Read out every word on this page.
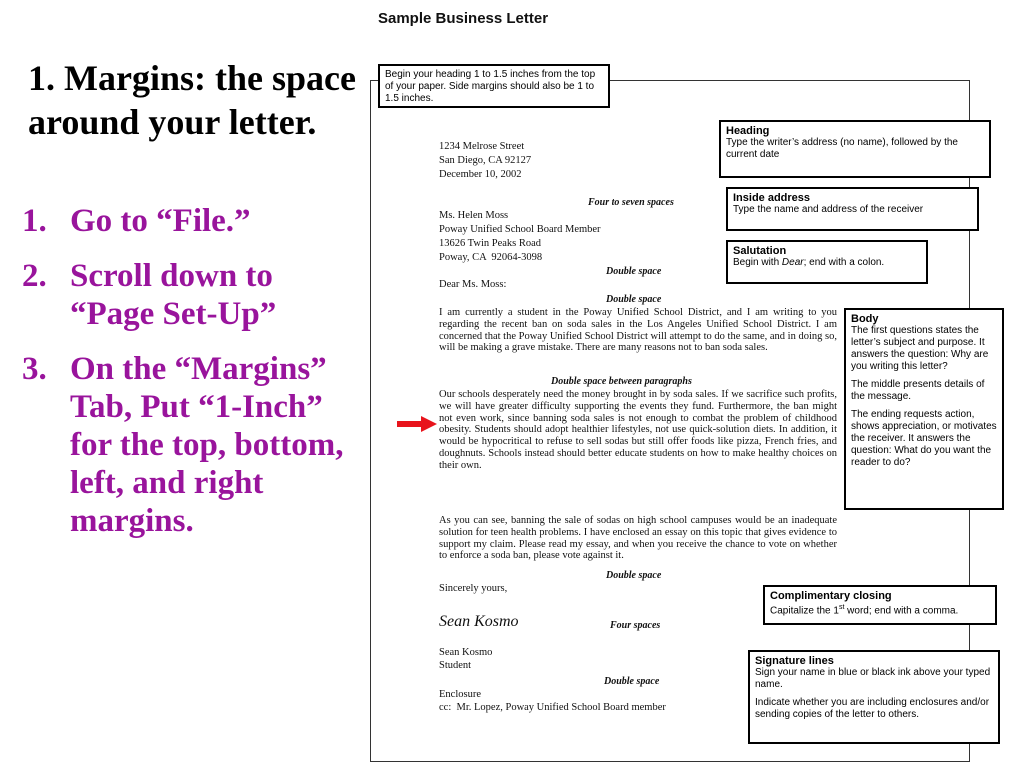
1. Margins: the space around your letter.
1. Go to “File.”
2. Scroll down to “Page Set-Up”
3. On the “Margins” Tab, Put “1-Inch” for the top, bottom, left, and right margins.
Sample Business Letter
1234 Melrose Street
San Diego, CA 92127
December 10, 2002
Four to seven spaces
Ms. Helen Moss
Poway Unified School Board Member
13626 Twin Peaks Road
Poway, CA  92064-3098
Double space
Dear Ms. Moss:
Double space

I am currently a student in the Poway Unified School District, and I am writing to you regarding the recent ban on soda sales in the Los Angeles Unified School District. I am concerned that the Poway Unified School District will attempt to do the same, and in doing so, will be making a grave mistake. There are many reasons not to ban soda sales.

Double space between paragraphs

Our schools desperately need the money brought in by soda sales. If we sacrifice such profits, we will have greater difficulty supporting the events they fund. Furthermore, the ban might not even work, since banning soda sales is not enough to combat the problem of childhood obesity. Students should adopt healthier lifestyles, not use quick-solution diets. In addition, it would be hypocritical to refuse to sell sodas but still offer foods like pizza, French fries, and doughnuts. Schools instead should better educate students on how to make healthy choices on their own.

As you can see, banning the sale of sodas on high school campuses would be an inadequate solution for teen health problems. I have enclosed an essay on this topic that gives evidence to support my claim. Please read my essay, and when you receive the chance to vote on whether to enforce a soda ban, please vote against it.

Double space
Sincerely yours,
Sean Kosmo	Four spaces
Sean Kosmo
Student
Double space
Enclosure
cc:  Mr. Lopez, Poway Unified School Board member
Begin your heading 1 to 1.5 inches from the top of your paper. Side margins should also be 1 to 1.5 inches.
Heading
Type the writer’s address (no name), followed by the current date
Inside address
Type the name and address of the receiver
Salutation
Begin with Dear; end with a colon.
Body

The first questions states the letter’s subject and purpose. It answers the question: Why are you writing this letter?

The middle presents details of the message.

The ending requests action, shows appreciation, or motivates the receiver. It answers the question: What do you want the reader to do?

Complimentary closing
Capitalize the 1st word; end with a comma.
Signature lines

Sign your name in blue or black ink above your typed name.

Indicate whether you are including enclosures and/or sending copies of the letter to others.
